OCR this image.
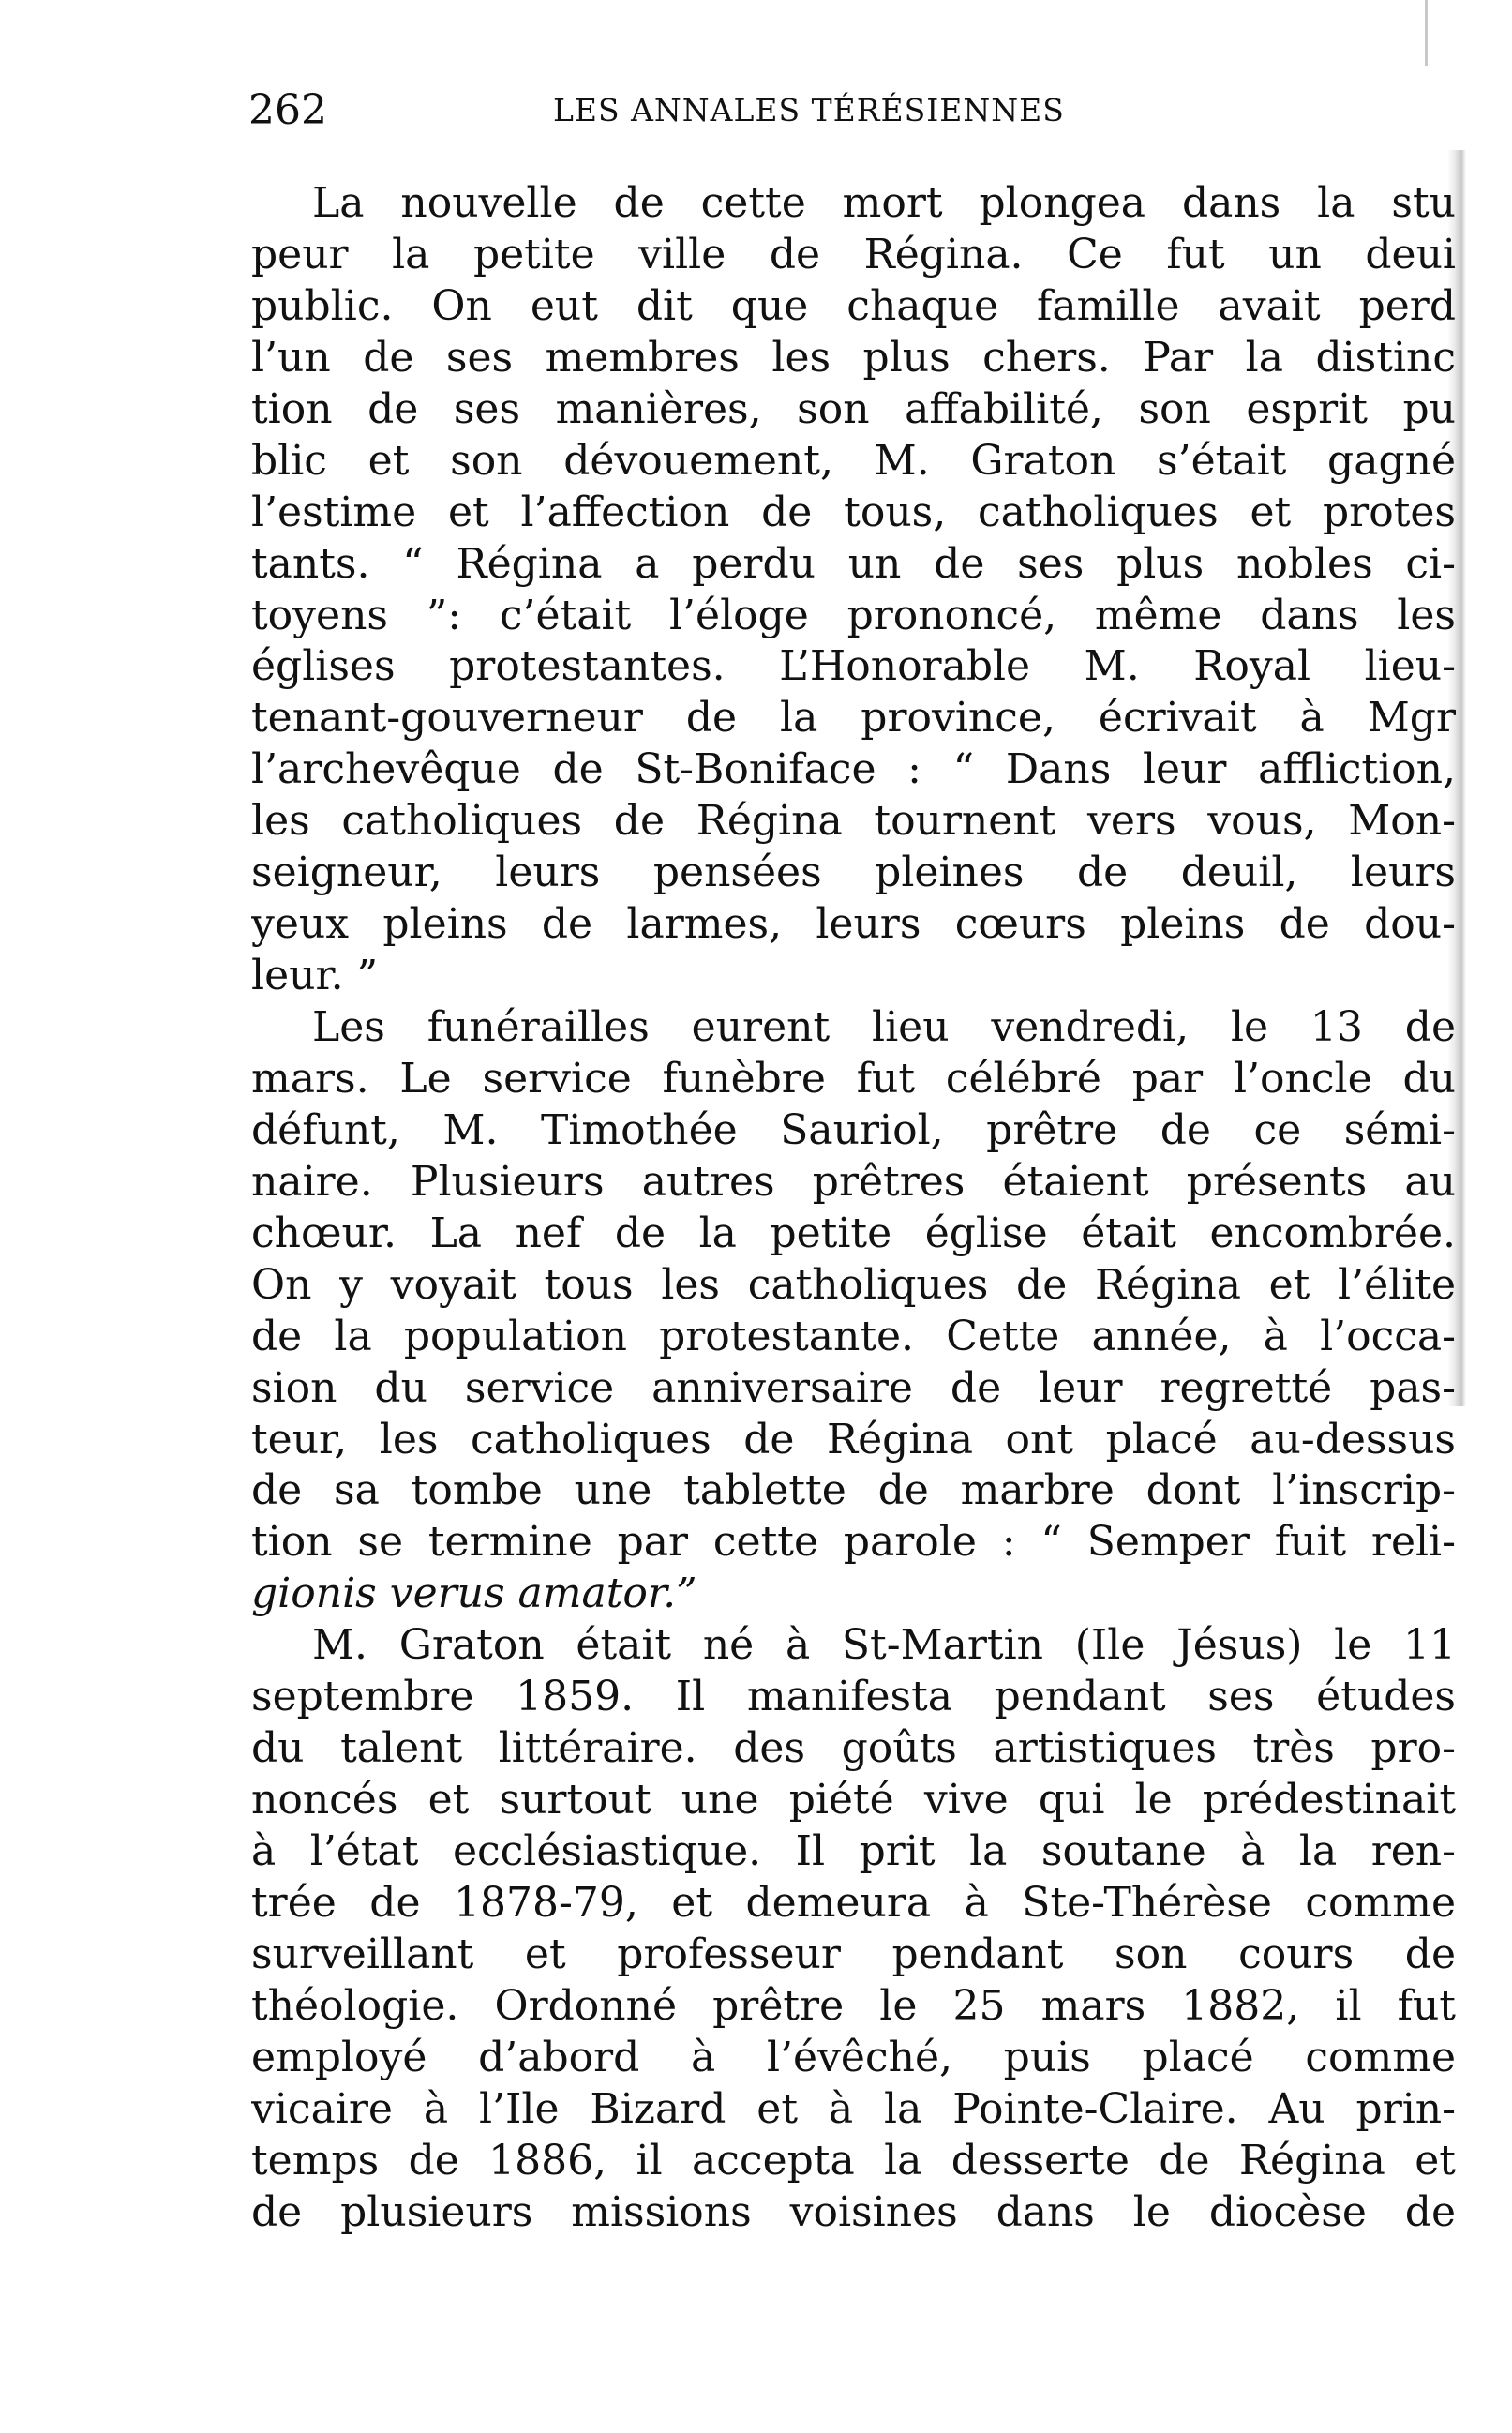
262	LES ANNALES TÉRÉSIENNES
La nouvelle de cette mort plongea dans la stu
peur la petite ville de Régina. Ce fut un deui
public. On eut dit que chaque famille avait perd
l’un de ses membres les plus chers. Par la distinc
tion de ses manières, son affabilité, son esprit pu
blic et son dévouement, M. Graton s’était gagné
l’estime et l’affection de tous, catholiques et protes
tants. “ Régina a perdu un de ses plus nobles ci-
toyens ”: c’était l’éloge prononcé, même dans les
églises protestantes. L’Honorable M. Royal lieu-
tenant-gouverneur de la province, écrivait à Mgr
l’archevêque de St-Boniface : “ Dans leur affliction,
les catholiques de Régina tournent vers vous, Mon-
seigneur, leurs pensées pleines de deuil, leurs
yeux pleins de larmes, leurs cœurs pleins de dou-
leur. ”
Les funérailles eurent lieu vendredi, le 13 de
mars. Le service funèbre fut célébré par l’oncle du
défunt, M. Timothée Sauriol, prêtre de ce sémi-
naire. Plusieurs autres prêtres étaient présents au
chœur. La nef de la petite église était encombrée.
On y voyait tous les catholiques de Régina et l’élite
de la population protestante. Cette année, à l’occa-
sion du service anniversaire de leur regretté pas-
teur, les catholiques de Régina ont placé au-dessus
de sa tombe une tablette de marbre dont l’inscrip-
tion se termine par cette parole : “ Semper fuit reli-
gionis verus amator.”
M. Graton était né à St-Martin (Ile Jésus) le 11
septembre 1859. Il manifesta pendant ses études
du talent littéraire. des goûts artistiques très pro-
noncés et surtout une piété vive qui le prédestinait
à l’état ecclésiastique. Il prit la soutane à la ren-
trée de 1878-79, et demeura à Ste-Thérèse comme
surveillant et professeur pendant son cours de
théologie. Ordonné prêtre le 25 mars 1882, il fut
employé d’abord à l’évêché, puis placé comme
vicaire à l’Ile Bizard et à la Pointe-Claire. Au prin-
temps de 1886, il accepta la desserte de Régina et
de plusieurs missions voisines dans le diocèse de
